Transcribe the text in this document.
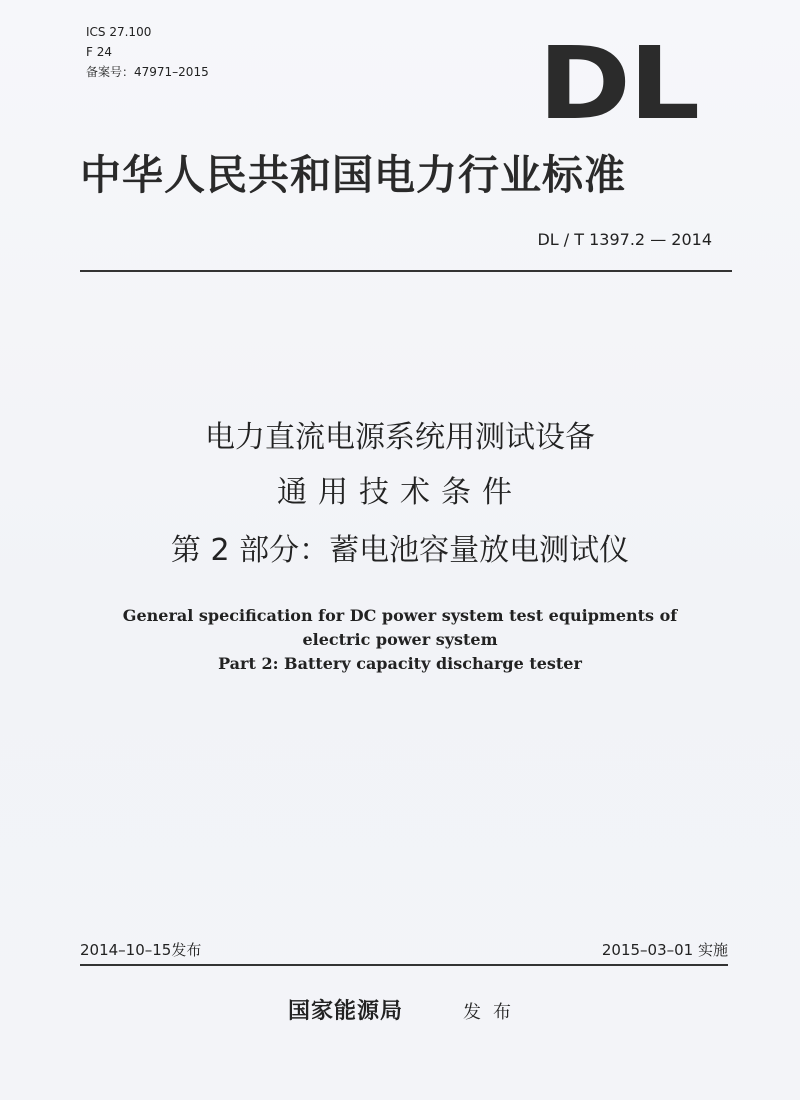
ICS 27.100
F 24
备案号：47971–2015	DL
中华人民共和国电力行业标准
DL / T 1397.2 — 2014
电力直流电源系统用测试设备
通用技术条件
第 2 部分：蓄电池容量放电测试仪
General specification for DC power system test equipments of
electric power system
Part 2: Battery capacity discharge tester
2014–10–15发布	2015–03–01 实施
国家能源局	发布
